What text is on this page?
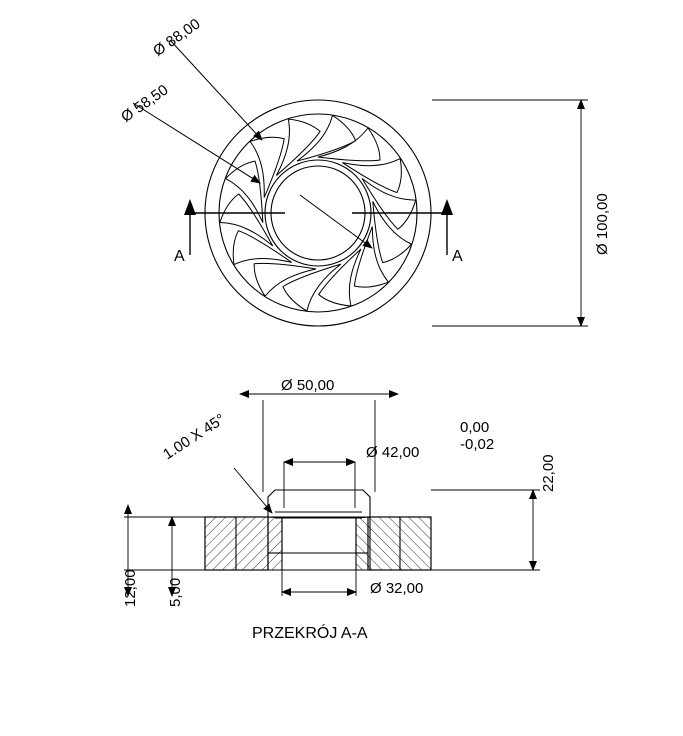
Ø 88,00
Ø 58,50
Ø 100,00
A	A
Ø 50,00
Ø 42,00
0,00
-0,02
Ø 32,00
22,00
12,00 5,00
1.00 X 45°
PRZEKRÓJ A-A
